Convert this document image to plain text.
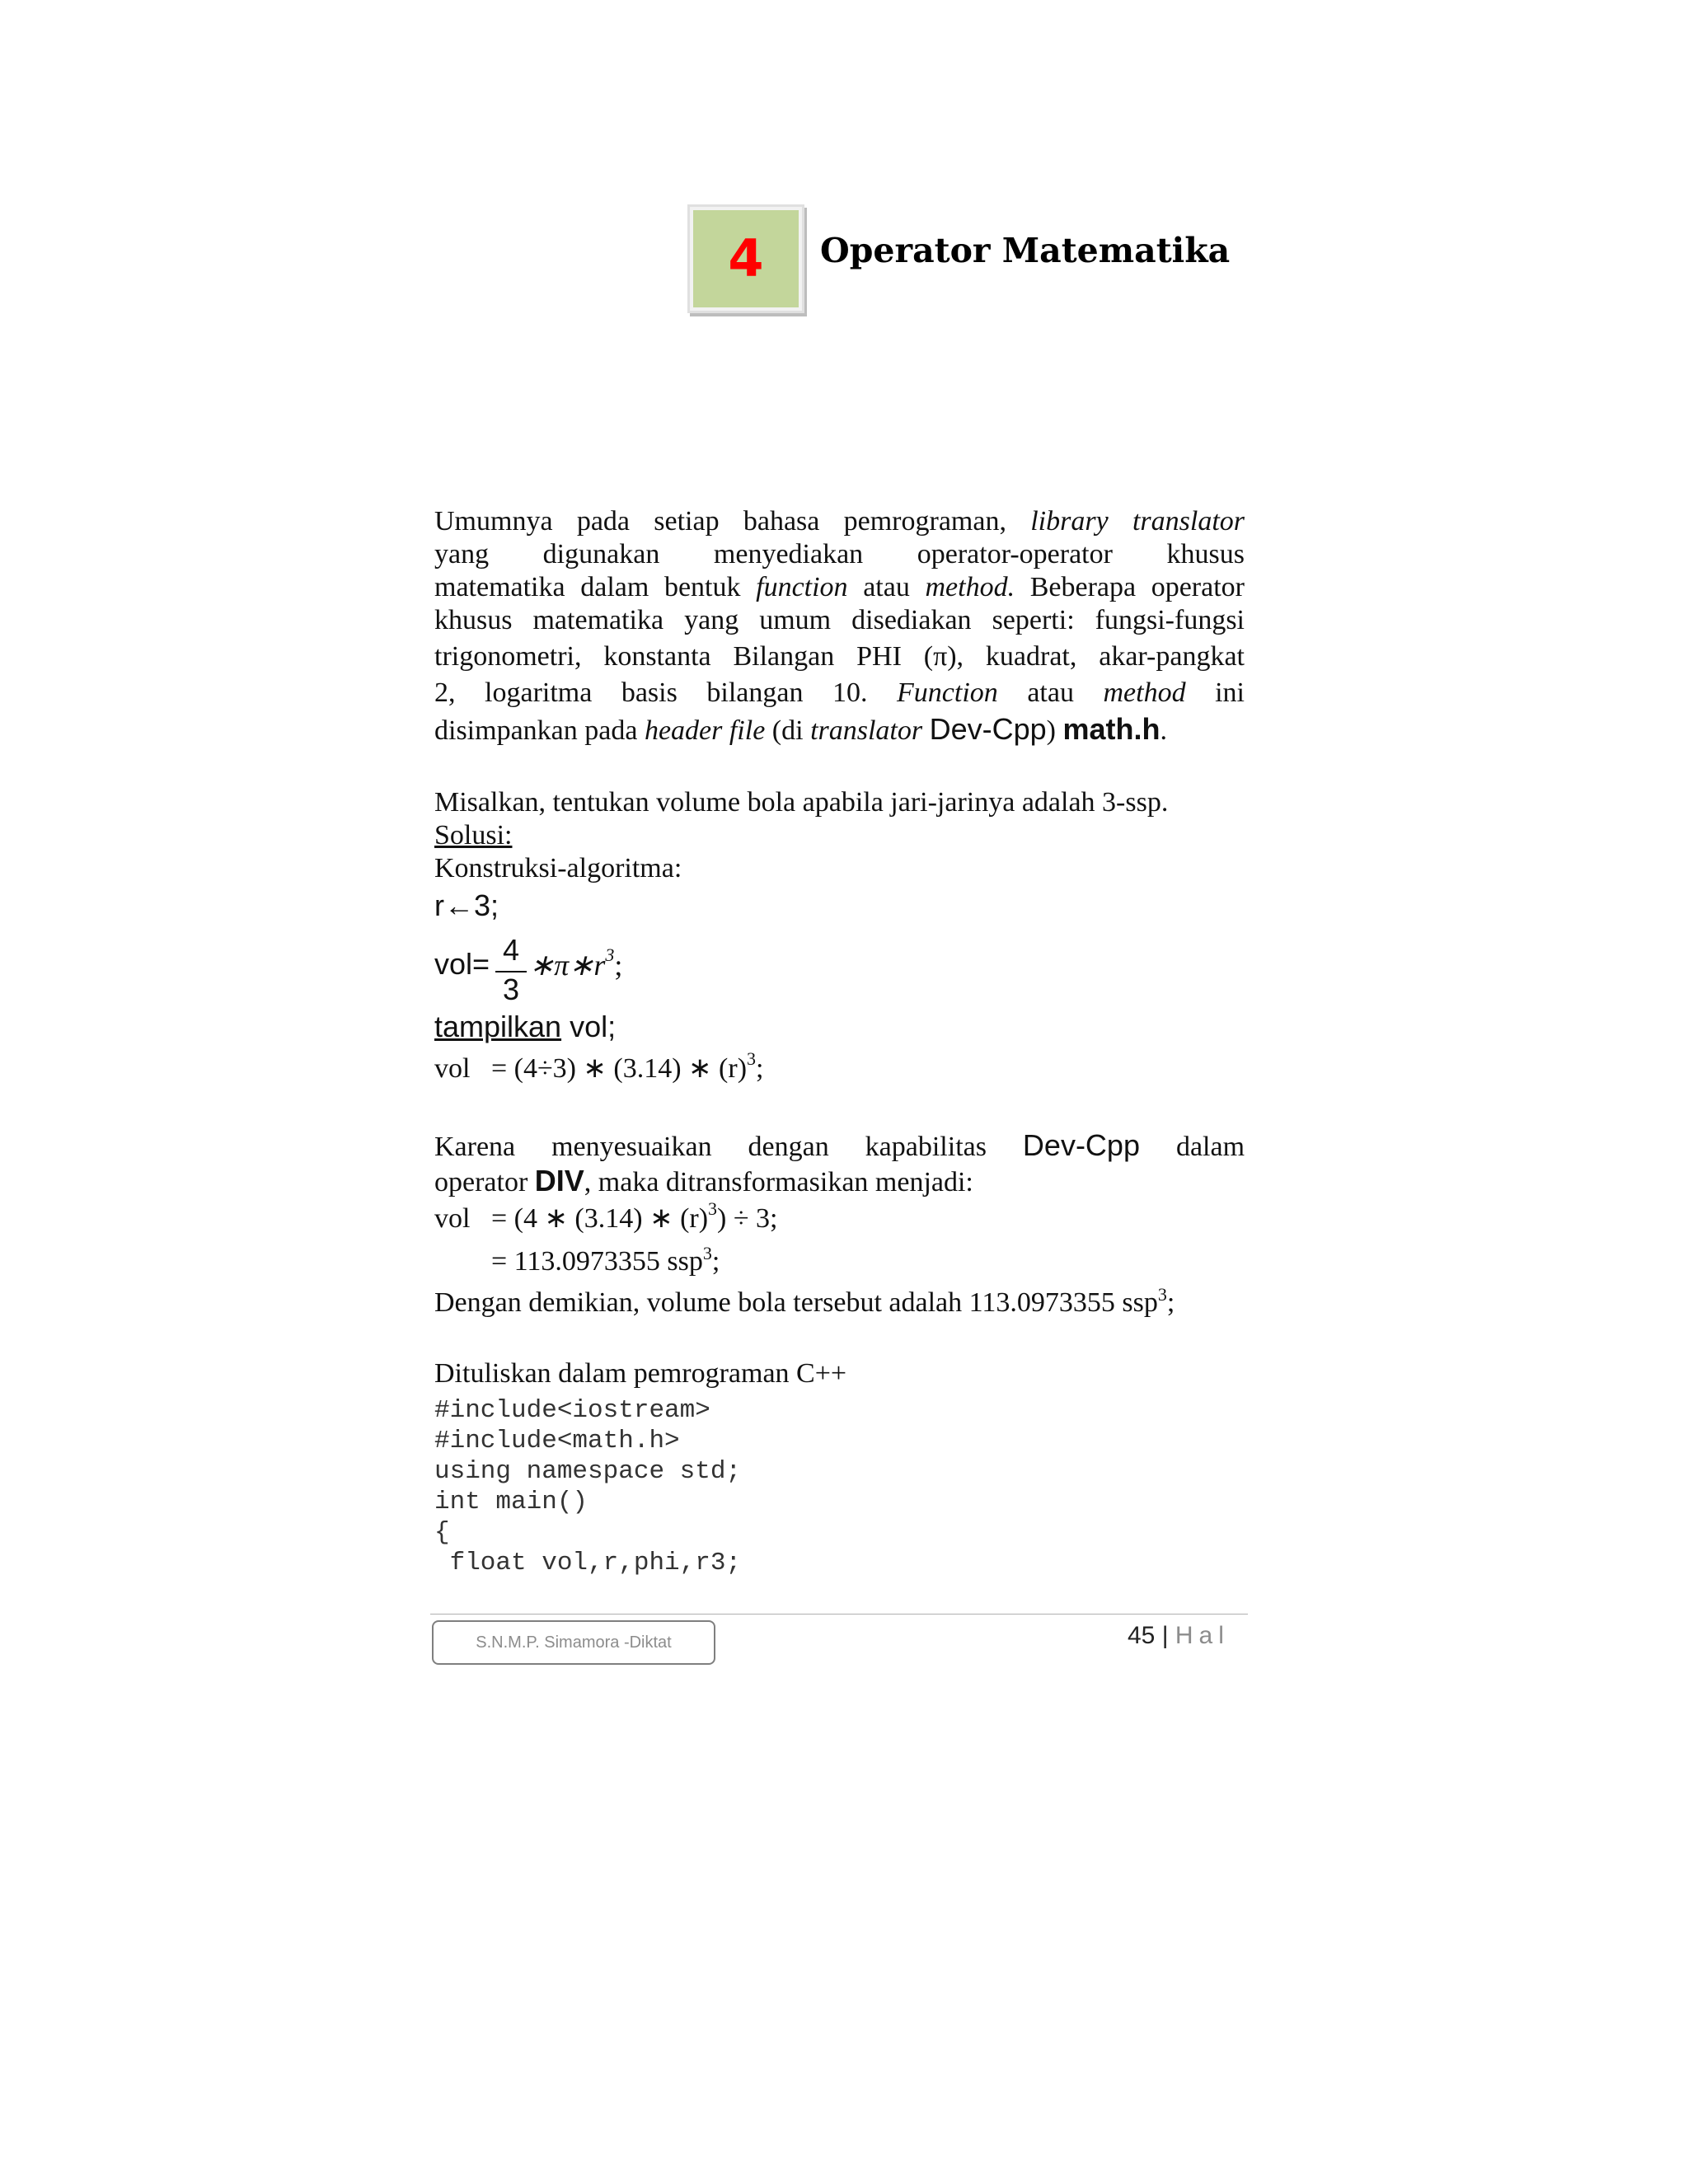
4	Operator Matematika
Umumnya pada setiap bahasa pemrograman, library translator
yang digunakan menyediakan operator-operator khusus
matematika dalam bentuk function atau method. Beberapa operator
khusus matematika yang umum disediakan seperti: fungsi-fungsi
trigonometri, konstanta Bilangan PHI (π), kuadrat, akar-pangkat
2, logaritma basis bilangan 10. Function atau method ini
disimpankan pada header file (di translator Dev-Cpp) math.h.
Misalkan, tentukan volume bola apabila jari-jarinya adalah 3-ssp.
Solusi:
Konstruksi-algoritma:
r←3;
vol= 4
3
$∗\pi∗r^3$;
tampilkan vol;
vol   = (4÷3) ∗ (3.14) ∗ $(r)^3$;
Karena menyesuaikan dengan kapabilitas Dev-Cpp dalam
operator DIV, maka ditransformasikan menjadi:
vol   = (4 ∗ (3.14) ∗ $(r)^3) \div 3$;
= 113.0973355 ssp$^3$;
Dengan demikian, volume bola tersebut adalah 113.0973355 ssp$^3$;
Dituliskan dalam pemrograman C++
#include<iostream>
#include<math.h>
using namespace std;
int main()
{
float vol,r,phi,r3;
S.N.M.P. Simamora -Diktat	45 | Hal
